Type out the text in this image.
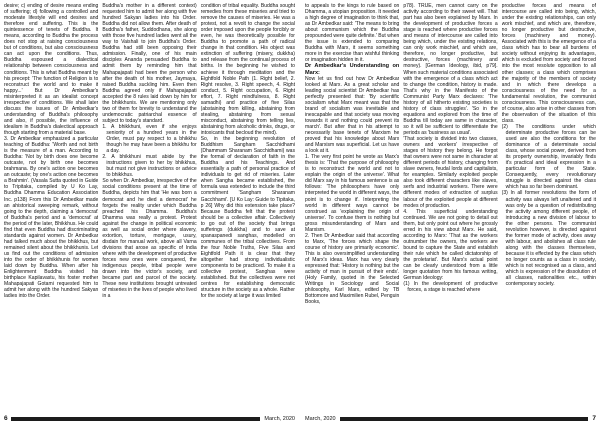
desire; c) ending of desire means ending of suffering; d) following a controlled and moderate lifestyle will end desires and therefore end suffering. This is the quintessence of tenets of Buddha. It means, according to Buddha the process does not stop at raising consciousness but of conditions, but also consciousness can act upon the conditions. Thus, Buddha espoused a dialectical relationship between consciousness and conditions. This is what Buddha meant by his precept: 'The function of Religion is to reconstruct the world and to make it happy...' But Dr Ambedkar's misinterpreted it as an idealist concept irrespective of conditions. We shall later discuss the issues of Dr Ambedkar's understanding of Buddha's philosophy and also, if possible, the influence of idealism in Buddha's dialectical approach though starting from a material base.

3. Dr Ambedkar emphasized a particular teaching of Buddha: 'Worth and not birth is the measure of a man. According to Buddha: 'Not by birth does one become outcaste, not by birth one becomes brahmana. By one's action one becomes an outcaste; by one's action one becomes a Brahmin'. (Vasala Sutta quoted in Guide to Tripitaka, compiled by U Ko Lay, Buddha Dhamma Education Association Inc. p138) From this Dr Ambedkar made an ahistorical sweeping remark, without going to the depth, claiming a 'democrat' of Buddha's period and a 'democrat' at the period of the later, Bhikkhus. He could find that even Buddha had discriminating standards against women. Dr Ambedkar had talked much about the bhikkhus, but remained silent about the bhikkhunis. Let us find out the conditions of admission into the order of bhikkhunis for women laid down by Buddha. When after his Enlightenment Buddha visited his birthplace Kapilavastu, his foster mother Mahapajapati Gotami requested him to admit her along with the hundred Sakyan ladies into the Order.

Buddha's mother in a different context) requested him to admit her along with five hundred Sakyan ladies into his Order. Buddha did not allow them. After death of Buddha's father, Suddodhana, she along with those five hundred ladies went all the way to Vaishali to join Buddha's Order. Buddha had still been opposing their admission. Finally, one of his main disciples Ananda persuaded Buddha to admit them by reminding him that Mahapajapati had been the person who after the death of his mother, Jaymaya, raised Buddha suckling him. Even then Buddha agreed only if Mahapajapati accepted the 8 rules laid down by him for the bhikkhunis. We are mentioning only two of them for brevity to understand the undemocratic patriarchal essence of subject to today's standard.

1. A bhikkhuni, even if she enjoys seniority of a hundred years in the Order, must pay respect to a bhikkhu though he may have been a bhikkhu for a day.

2. A bhikkhuni must abide by the instructions given to her by bhikkhus, but must not give instructions or advice to bhikkhus.

So when Dr. Ambedkar, irrespective of the social conditions present at the time of Buddha, depicts him that 'He was born a democrat and he died a democrat' he forgets the reality under which Buddha preached his Dhamma. Buddha's Dhamma was really a protest. Protest against the change in political economic as well as social order where slavery, extortion, torture, mortgage, usury, disdain for manual work, above all Varna divisions that arose as specific of India where with the development of productive forces new ones were conquered, the indigenous people, tribal people were drawn into the victor's society, and became part and parcel of the society. These new institutions brought untreated of miseries in the lives of people who lived in a

condition of tribal equality. Buddha sought remedies from these miseries and tried to remove the causes of miseries. He was a protest, not a revolt to change the social order imposed upon the people forcibly or even, he was theoretically possible for Buddha to promote a path of radical change in that condition. His object was extinction of suffering (misery, dukkha) and release from the continual process of births. In the beginning he wished to achieve it through meditation and the Eightfold Noble Path (1. Right belief, 2. Right resolve, 3. Right speech, 4. Right conduct, 5. Right occupation, 6. Right effort, 7. Right mindfulness, 8. Right samadhi) and practice of five Silas (abstaining from killing, abstaining from stealing, abstaining from sexual misconduct, abstaining from telling lies, abstaining from alcoholic drinks, drugs, or intoxicants that becloud the mind).

So, in the beginning revolution of Buddhism Sangham Sacchidhami (Dhammam Sharanam Sacchidhami) was the formal of declaration of faith in the Buddha and his Teachings. And essentially a path of personal practice of individuals to get rid of miseries. Later when Sangha became established, the formula was extended to include the third commitment 'Sangham Sharanam Gacchhami'. [U Ko Lay: Guide to Tipitaka, p 26] Why did this extension take place? Because Buddha felt that the protest should be a collective affair. Collectively to go out of the society that brings sufferings (dukkha) and to save at spanaspanedi sanghas, modelled on communes of the tribal collectives. From the four Noble Truths, Five Silas and Eightfold Path it is clear that they altogether had strong individualistic components to be practiced. To make it a collective protest, Sanghas were established. But the collectives were not centres for establishing democratic structure in the society as a whole. Rather for the society at large it was limited

6	March, 2020

to appeals to the kings to rule based on Dhamma, a utopian proposition. It needed a high degree of imagination to think that, as Dr Ambedkar said: 'The means to bring about communism which the Buddha propounded were quite definite.' But when the issue is extended to comparing Buddha with Marx, it seems something more in the exercise than wishful thinking or imagination hidden in it.

Dr Ambedkar's Understanding on Marx:

Now let us find out how Dr Ambedkar looked at Marx. As a great scholar and leading social scientist Dr Ambedkar has perfectly presented that: 'By scientific socialism what Marx meant was that the brand of socialism was inevitable and inescapable and that society was moving towards it and nothing could prevent its march'. But after that in his attempt to necessarily base tenets of Marxism he proved that his knowledge about Marx and Marxism was superficial. Let us have a look at it.

1. The very first point he wrote as Marx's thesis is: 'That the purpose of philosophy is to reconstruct the world and not to explain the origin of the universe'. What did Marx say in his famous sentence is as follows: 'The philosophers have only interpreted the world in different ways, the point is to change it'. Interpreting the world in different ways cannot be construed as 'explaining the origin of universe'. To confuse them is nothing but gross misunderstanding of Marx and Marxism.

2. Then Dr Ambedkar said that according to Marx, 'The forces which shape the course of history are primarily economic'. This is also oversimplified understanding of Marx's ideas. Marx has very clearly expressed that: 'History is nothing but the activity of man in pursuit of their ends'. (Holy Family, quoted in the Selected Writings in Sociology and Social philosophy, Karl Marx, edited by TB Bottomore and Maximilien Rubel, Penguin Books,

p78). TRUE, men cannot carry on the activity according to their sweet will. That part has also been explained by Marx. In the development of productive forces a stage is reached where productive forces and means of intercourse are called into being which, under the existing relations, can only work mischief, and which are, therefore, no longer productive, but destructive, forces (machinery and money). [German Ideology, ibid, p79]. When such material conditions associated with the emergence of a class which act to change the condition, history is made. That's why in the Manifesto of the Communist Party Marx declares: 'The history of all hitherto existing societies is history of class struggles'. 'So in the equations and explored from the time of Buddha till today are same in character, so it will be sufficient to differentiate the periods as 'business as usual'.

'That society is divided into two classes, owners and workers' irrespective of stages of history they belong. He forgot that owners were not same in character at different periods of history, changing from slave owners, feudal lords and capitalists, for examples. Similarly exploited people also took different characters like slaves, serfs and industrial workers. There were different modes of extraction of surplus labour of the exploited people at different modes of production.

4. This superficial understanding continued. We are not going to detail out them, but only point out where he grossly erred in his view about Marx. He said, according to Marx: 'That as the workers outnumber the owners, the workers are bound to capture the State and establish their rule which he called dictatorship of the proletariat'. But Marx's actual point can be clearly understood from a little longer quotation from his famous writing, German Ideology:

(1) In the development of productive forces, a stage is reached where

productive forces and means of intercourse are called into being, which, under the existing relationships, can only work mischief, and which are, therefore, no longer productive but destructive, forces (machinery and money). Associated with this is the emergence of a class which has to bear all burdens of society without enjoying its advantages, which is excluded from society and forced into the most resolute opposition to all other classes; a class which comprises the majority of the members of society and in which there develops a consciousness of the need for a fundamental revolution, the communist consciousness. This consciousness can, of course, also arise in other classes from the observation of the situation of this class.

(2) The conditions under which determinate productive forces can be used are also the conditions for the dominance of a determinate social class, whose social power, derived from its property ownership, invariably finds it's practical and ideal expression in a particular form of the State. Consequently, every revolutionary struggle is directed against the class which has so far been dominant.

(3) In all former revolutions the form of activity was always left unaltered and it was only be a question of redistributing the activity among different people, of introducing a new division of labour to the other persons. The communist revolution however, is directed against the former mode of activity, does away with labour, and abolishes all class rule along with the classes themselves, because it is effected by the class which no longer counts as a class in society, which is not recognised as a class, and which is expression of the dissolution of all classes, nationalities etc., within contemporary society.

March, 2020	7
